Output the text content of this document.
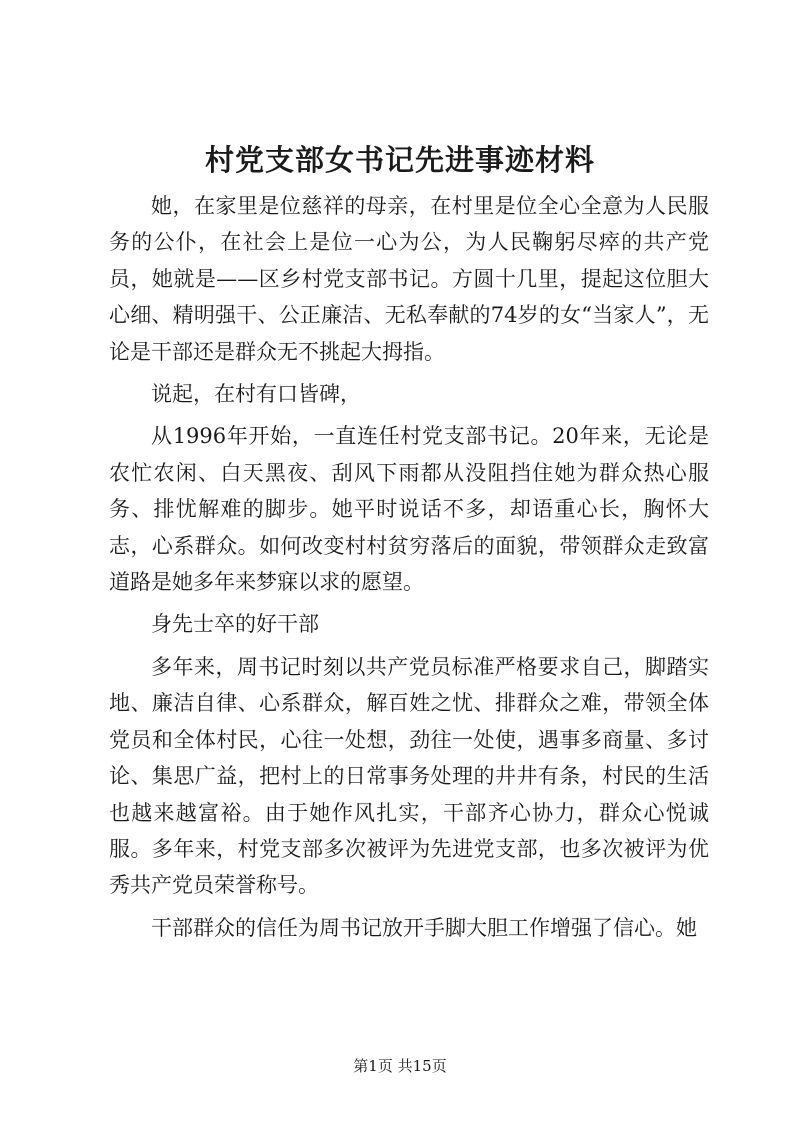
村党支部女书记先进事迹材料

她，在家里是位慈祥的母亲，在村里是位全心全意为人民服务的公仆，在社会上是位一心为公，为人民鞠躬尽瘁的共产党员，她就是——区乡村党支部书记。方圆十几里，提起这位胆大心细、精明强干、公正廉洁、无私奉献的74岁的女“当家人”，无论是干部还是群众无不挑起大拇指。

说起，在村有口皆碑，

从1996年开始，一直连任村党支部书记。20年来，无论是农忙农闲、白天黑夜、刮风下雨都从没阻挡住她为群众热心服务、排忧解难的脚步。她平时说话不多，却语重心长，胸怀大志，心系群众。如何改变村村贫穷落后的面貌，带领群众走致富道路是她多年来梦寐以求的愿望。

身先士卒的好干部

多年来，周书记时刻以共产党员标准严格要求自己，脚踏实地、廉洁自律、心系群众，解百姓之忧、排群众之难，带领全体党员和全体村民，心往一处想，劲往一处使，遇事多商量、多讨论、集思广益，把村上的日常事务处理的井井有条，村民的生活也越来越富裕。由于她作风扎实，干部齐心协力，群众心悦诚服。多年来，村党支部多次被评为先进党支部，也多次被评为优秀共产党员荣誉称号。

干部群众的信任为周书记放开手脚大胆工作增强了信心。她

第1页 共15页
